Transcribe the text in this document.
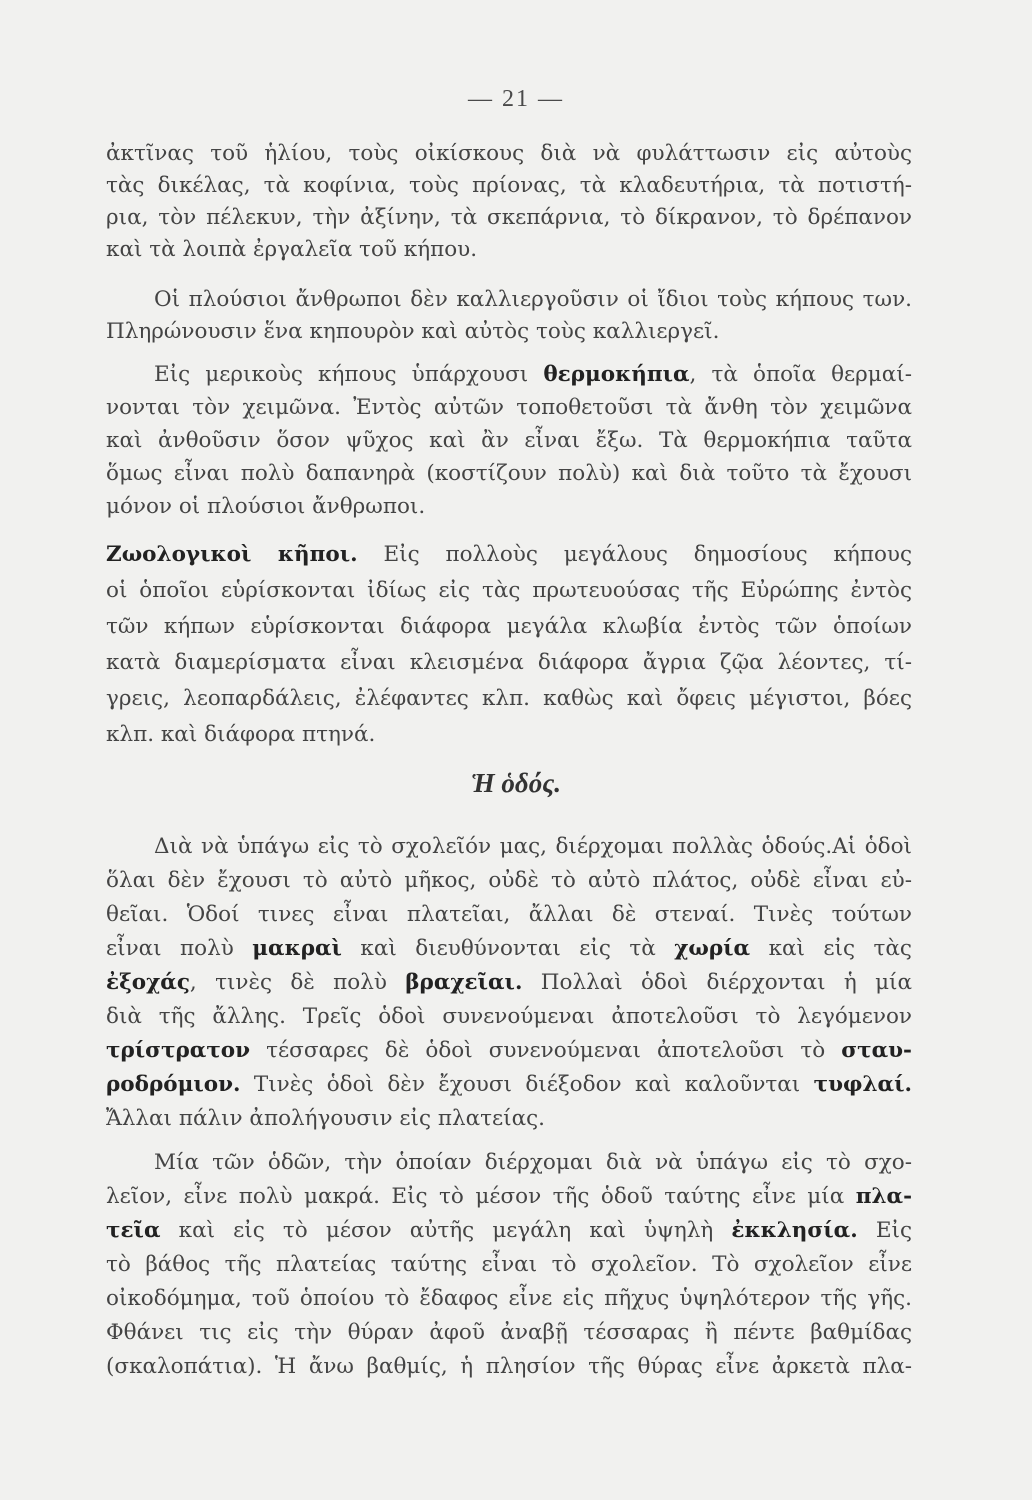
— 21 —
ἀκτῖνας τοῦ ἡλίου, τοὺς οἰκίσκους διὰ νὰ φυλάττωσιν εἰς αὐτοὺς
τὰς δικέλας, τὰ κοφίνια, τοὺς πρίονας, τὰ κλαδευτήρια, τὰ ποτιστή-
ρια, τὸν πέλεκυν, τὴν ἀξίνην, τὰ σκεπάρνια, τὸ δίκρανον, τὸ δρέπανον
καὶ τὰ λοιπὰ ἐργαλεῖα τοῦ κήπου.
Οἱ πλούσιοι ἄνθρωποι δὲν καλλιεργοῦσιν οἱ ἴδιοι τοὺς κήπους των.
Πληρώνουσιν ἕνα κηπουρὸν καὶ αὐτὸς τοὺς καλλιεργεῖ.
Εἰς μερικοὺς κήπους ὑπάρχουσι θερμοκήπια, τὰ ὁποῖα θερμαί-
νονται τὸν χειμῶνα. Ἐντὸς αὐτῶν τοποθετοῦσι τὰ ἄνθη τὸν χειμῶνα
καὶ ἀνθοῦσιν ὅσον ψῦχος καὶ ἂν εἶναι ἔξω. Τὰ θερμοκήπια ταῦτα
ὅμως εἶναι πολὺ δαπανηρὰ (κοστίζουν πολὺ) καὶ διὰ τοῦτο τὰ ἔχουσι
μόνον οἱ πλούσιοι ἄνθρωποι.
Ζωολογικοὶ κῆποι. Εἰς πολλοὺς μεγάλους δημοσίους κήπους
οἱ ὁποῖοι εὑρίσκονται ἰδίως εἰς τὰς πρωτευούσας τῆς Εὐρώπης ἐντὸς
τῶν κήπων εὑρίσκονται διάφορα μεγάλα κλωβία ἐντὸς τῶν ὁποίων
κατὰ διαμερίσματα εἶναι κλεισμένα διάφορα ἄγρια ζῷα λέοντες, τί-
γρεις, λεοπαρδάλεις, ἐλέφαντες κλπ. καθὼς καὶ ὄφεις μέγιστοι, βόες
κλπ. καὶ διάφορα πτηνά.
Ἡ ὁδός.
Διὰ νὰ ὑπάγω εἰς τὸ σχολεῖόν μας, διέρχομαι πολλὰς ὁδούς.Αἱ ὁδοὶ
ὅλαι δὲν ἔχουσι τὸ αὐτὸ μῆκος, οὐδὲ τὸ αὐτὸ πλάτος, οὐδὲ εἶναι εὐ-
θεῖαι. Ὁδοί τινες εἶναι πλατεῖαι, ἄλλαι δὲ στεναί. Τινὲς τούτων
εἶναι πολὺ μακραὶ καὶ διευθύνονται εἰς τὰ χωρία καὶ εἰς τὰς
ἐξοχάς, τινὲς δὲ πολὺ βραχεῖαι. Πολλαὶ ὁδοὶ διέρχονται ἡ μία
διὰ τῆς ἄλλης. Τρεῖς ὁδοὶ συνενούμεναι ἀποτελοῦσι τὸ λεγόμενον
τρίστρατον τέσσαρες δὲ ὁδοὶ συνενούμεναι ἀποτελοῦσι τὸ σταυ-
ροδρόμιον. Τινὲς ὁδοὶ δὲν ἔχουσι διέξοδον καὶ καλοῦνται τυφλαί.
Ἄλλαι πάλιν ἀπολήγουσιν εἰς πλατείας.
Μία τῶν ὁδῶν, τὴν ὁποίαν διέρχομαι διὰ νὰ ὑπάγω εἰς τὸ σχο-
λεῖον, εἶνε πολὺ μακρά. Εἰς τὸ μέσον τῆς ὁδοῦ ταύτης εἶνε μία πλα-
τεῖα καὶ εἰς τὸ μέσον αὐτῆς μεγάλη καὶ ὑψηλὴ ἐκκλησία. Εἰς
τὸ βάθος τῆς πλατείας ταύτης εἶναι τὸ σχολεῖον. Τὸ σχολεῖον εἶνε
οἰκοδόμημα, τοῦ ὁποίου τὸ ἔδαφος εἶνε εἰς πῆχυς ὑψηλότερον τῆς γῆς.
Φθάνει τις εἰς τὴν θύραν ἀφοῦ ἀναβῇ τέσσαρας ἢ πέντε βαθμίδας
(σκαλοπάτια). Ἡ ἄνω βαθμίς, ἡ πλησίον τῆς θύρας εἶνε ἀρκετὰ πλα-
